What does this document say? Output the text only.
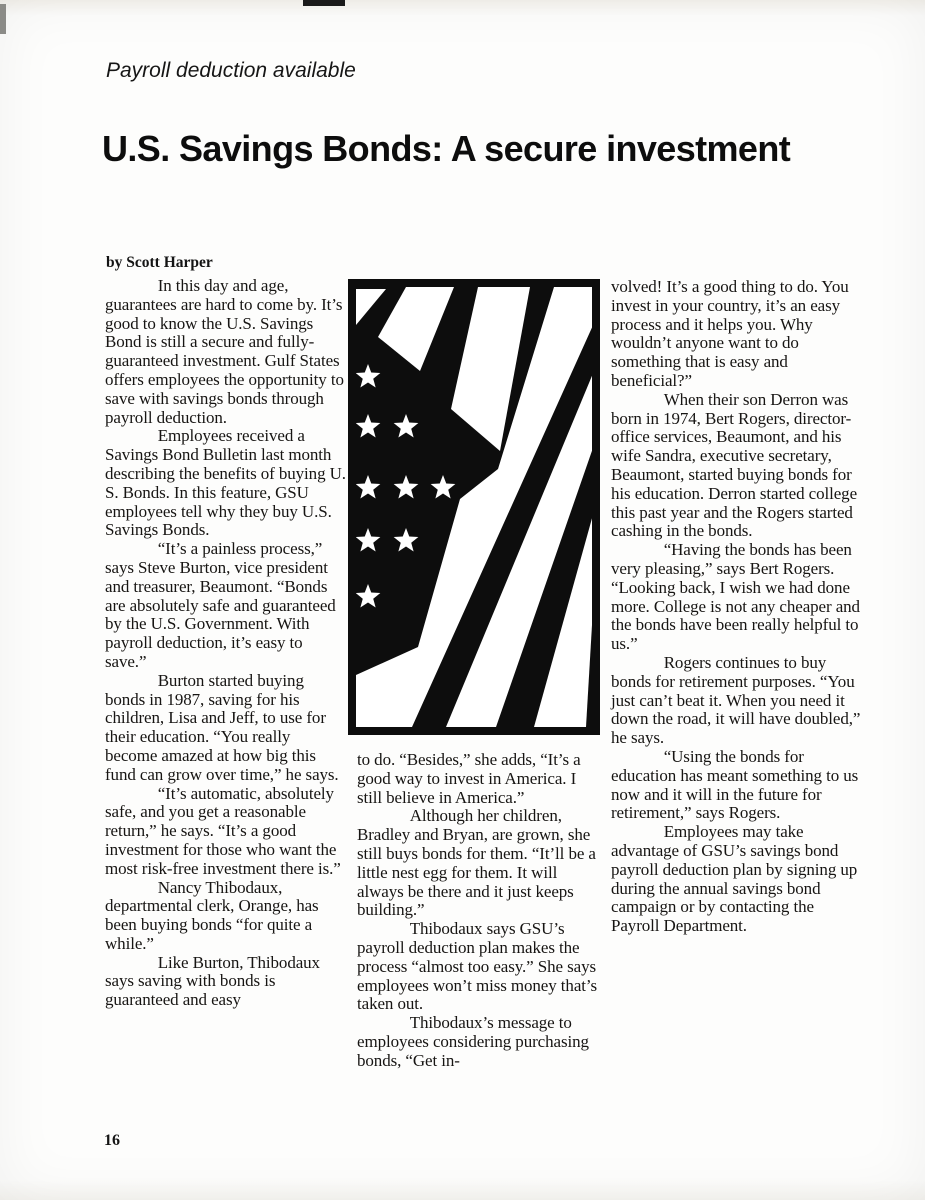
Payroll deduction available
U.S. Savings Bonds: A secure investment
by Scott Harper

In this day and age, guarantees are hard to come by. It’s good to know the U.S. Savings Bond is still a secure and fully-guaranteed investment. Gulf States offers employees the opportunity to save with savings bonds through payroll deduction.

Employees received a Savings Bond Bulletin last month describing the benefits of buying U. S. Bonds. In this feature, GSU employees tell why they buy U.S. Savings Bonds.

“It’s a painless process,” says Steve Burton, vice president and treasurer, Beaumont. “Bonds are absolutely safe and guaranteed by the U.S. Government. With payroll deduction, it’s easy to save.”

Burton started buying bonds in 1987, saving for his children, Lisa and Jeff, to use for their education. “You really become amazed at how big this fund can grow over time,” he says.

“It’s automatic, absolutely safe, and you get a reasonable return,” he says. “It’s a good investment for those who want the most risk-free investment there is.”

Nancy Thibodaux, departmental clerk, Orange, has been buying bonds “for quite a while.”

Like Burton, Thibodaux says saving with bonds is guaranteed and easy

to do. “Besides,” she adds, “It’s a good way to invest in America. I still believe in America.”

Although her children, Bradley and Bryan, are grown, she still buys bonds for them. “It’ll be a little nest egg for them. It will always be there and it just keeps building.”

Thibodaux says GSU’s payroll deduction plan makes the process “almost too easy.” She says employees won’t miss money that’s taken out.

Thibodaux’s message to employees considering purchasing bonds, “Get in-

volved! It’s a good thing to do. You invest in your country, it’s an easy process and it helps you. Why wouldn’t anyone want to do something that is easy and beneficial?”

When their son Derron was born in 1974, Bert Rogers, director-office services, Beaumont, and his wife Sandra, executive secretary, Beaumont, started buying bonds for his education. Derron started college this past year and the Rogers started cashing in the bonds.

“Having the bonds has been very pleasing,” says Bert Rogers. “Looking back, I wish we had done more. College is not any cheaper and the bonds have been really helpful to us.”

Rogers continues to buy bonds for retirement purposes. “You just can’t beat it. When you need it down the road, it will have doubled,” he says.

“Using the bonds for education has meant something to us now and it will in the future for retirement,” says Rogers.

Employees may take advantage of GSU’s savings bond payroll deduction plan by signing up during the annual savings bond campaign or by contacting the Payroll Department.

16
